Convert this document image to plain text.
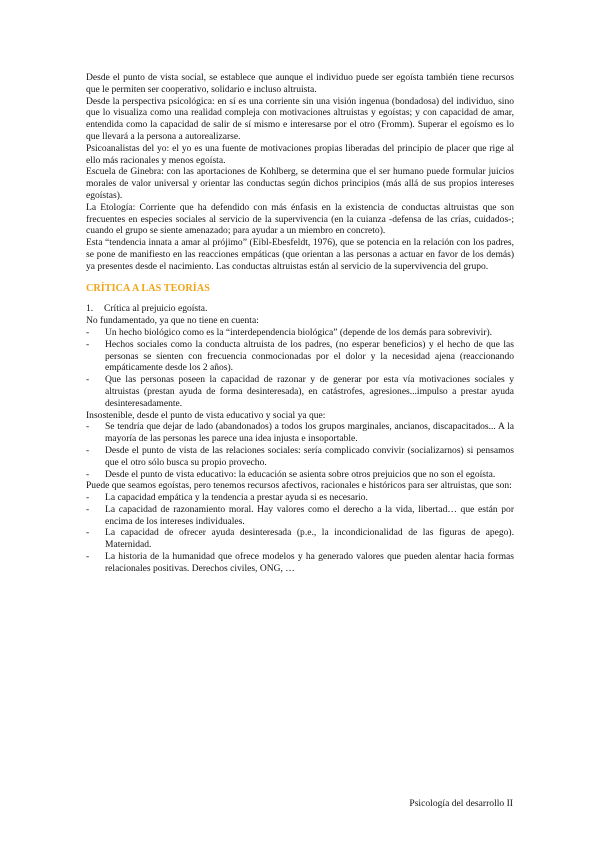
Desde el punto de vista social, se establece que aunque el individuo puede ser egoísta también tiene recursos que le permiten ser cooperativo, solidario e incluso altruista.

Desde la perspectiva psicológica: en sí es una corriente sin una visión ingenua (bondadosa) del individuo, sino que lo visualiza como una realidad compleja con motivaciones altruistas y egoístas; y con capacidad de amar, entendida como la capacidad de salir de sí mismo e interesarse por el otro (Fromm). Superar el egoísmo es lo que llevará a la persona a autorealizarse.

Psicoanalistas del yo: el yo es una fuente de motivaciones propias liberadas del principio de placer que rige al ello más racionales y menos egoísta.

Escuela de Ginebra: con las aportaciones de Kohlberg, se determina que el ser humano puede formular juicios morales de valor universal y orientar las conductas según dichos principios (más allá de sus propios intereses egoístas).

La Etología: Corriente que ha defendido con más énfasis en la existencia de conductas altruistas que son frecuentes en especies sociales al servicio de la supervivencia (en la cuianza -defensa de las crías, cuidados-; cuando el grupo se siente amenazado; para ayudar a un miembro en concreto).

Esta “tendencia innata a amar al prójimo” (Eibl-Ebesfeldt, 1976), que se potencia en la relación con los padres, se pone de manifiesto en las reacciones empáticas (que orientan a las personas a actuar en favor de los demás) ya presentes desde el nacimiento. Las conductas altruistas están al servicio de la supervivencia del grupo.

CRÍTICA A LAS TEORÍAS

1.	Crítica al prejuicio egoísta.

No fundamentado, ya que no tiene en cuenta:

-	Un hecho biológico como es la “interdependencia biológica” (depende de los demás para sobrevivir).
-	Hechos sociales como la conducta altruista de los padres, (no esperar beneficios) y el hecho de que las personas se sienten con frecuencia conmocionadas por el dolor y la necesidad ajena (reaccionando empáticamente desde los 2 años).
-	Que las personas poseen la capacidad de razonar y de generar por esta vía motivaciones sociales y altruistas (prestan ayuda de forma desinteresada), en catástrofes, agresiones...impulso a prestar ayuda desinteresadamente.

Insostenible, desde el punto de vista educativo y social ya que:

-	Se tendría que dejar de lado (abandonados) a todos los grupos marginales, ancianos, discapacitados... A la mayoría de las personas les parece una idea injusta e insoportable.
-	Desde el punto de vista de las relaciones sociales: sería complicado convivir (socializarnos) si pensamos que el otro sólo busca su propio provecho.
-	Desde el punto de vista educativo: la educación se asienta sobre otros prejuicios que no son el egoísta.

Puede que seamos egoístas, pero tenemos recursos afectivos, racionales e históricos para ser altruistas, que son:

-	La capacidad empática y la tendencia a prestar ayuda si es necesario.
-	La capacidad de razonamiento moral. Hay valores como el derecho a la vida, libertad… que están por encima de los intereses individuales.
-	La capacidad de ofrecer ayuda desinteresada (p.e., la incondicionalidad de las figuras de apego). Maternidad.
-	La historia de la humanidad que ofrece modelos y ha generado valores que pueden alentar hacia formas relacionales positivas. Derechos civiles, ONG, …
Psicología del desarrollo II
